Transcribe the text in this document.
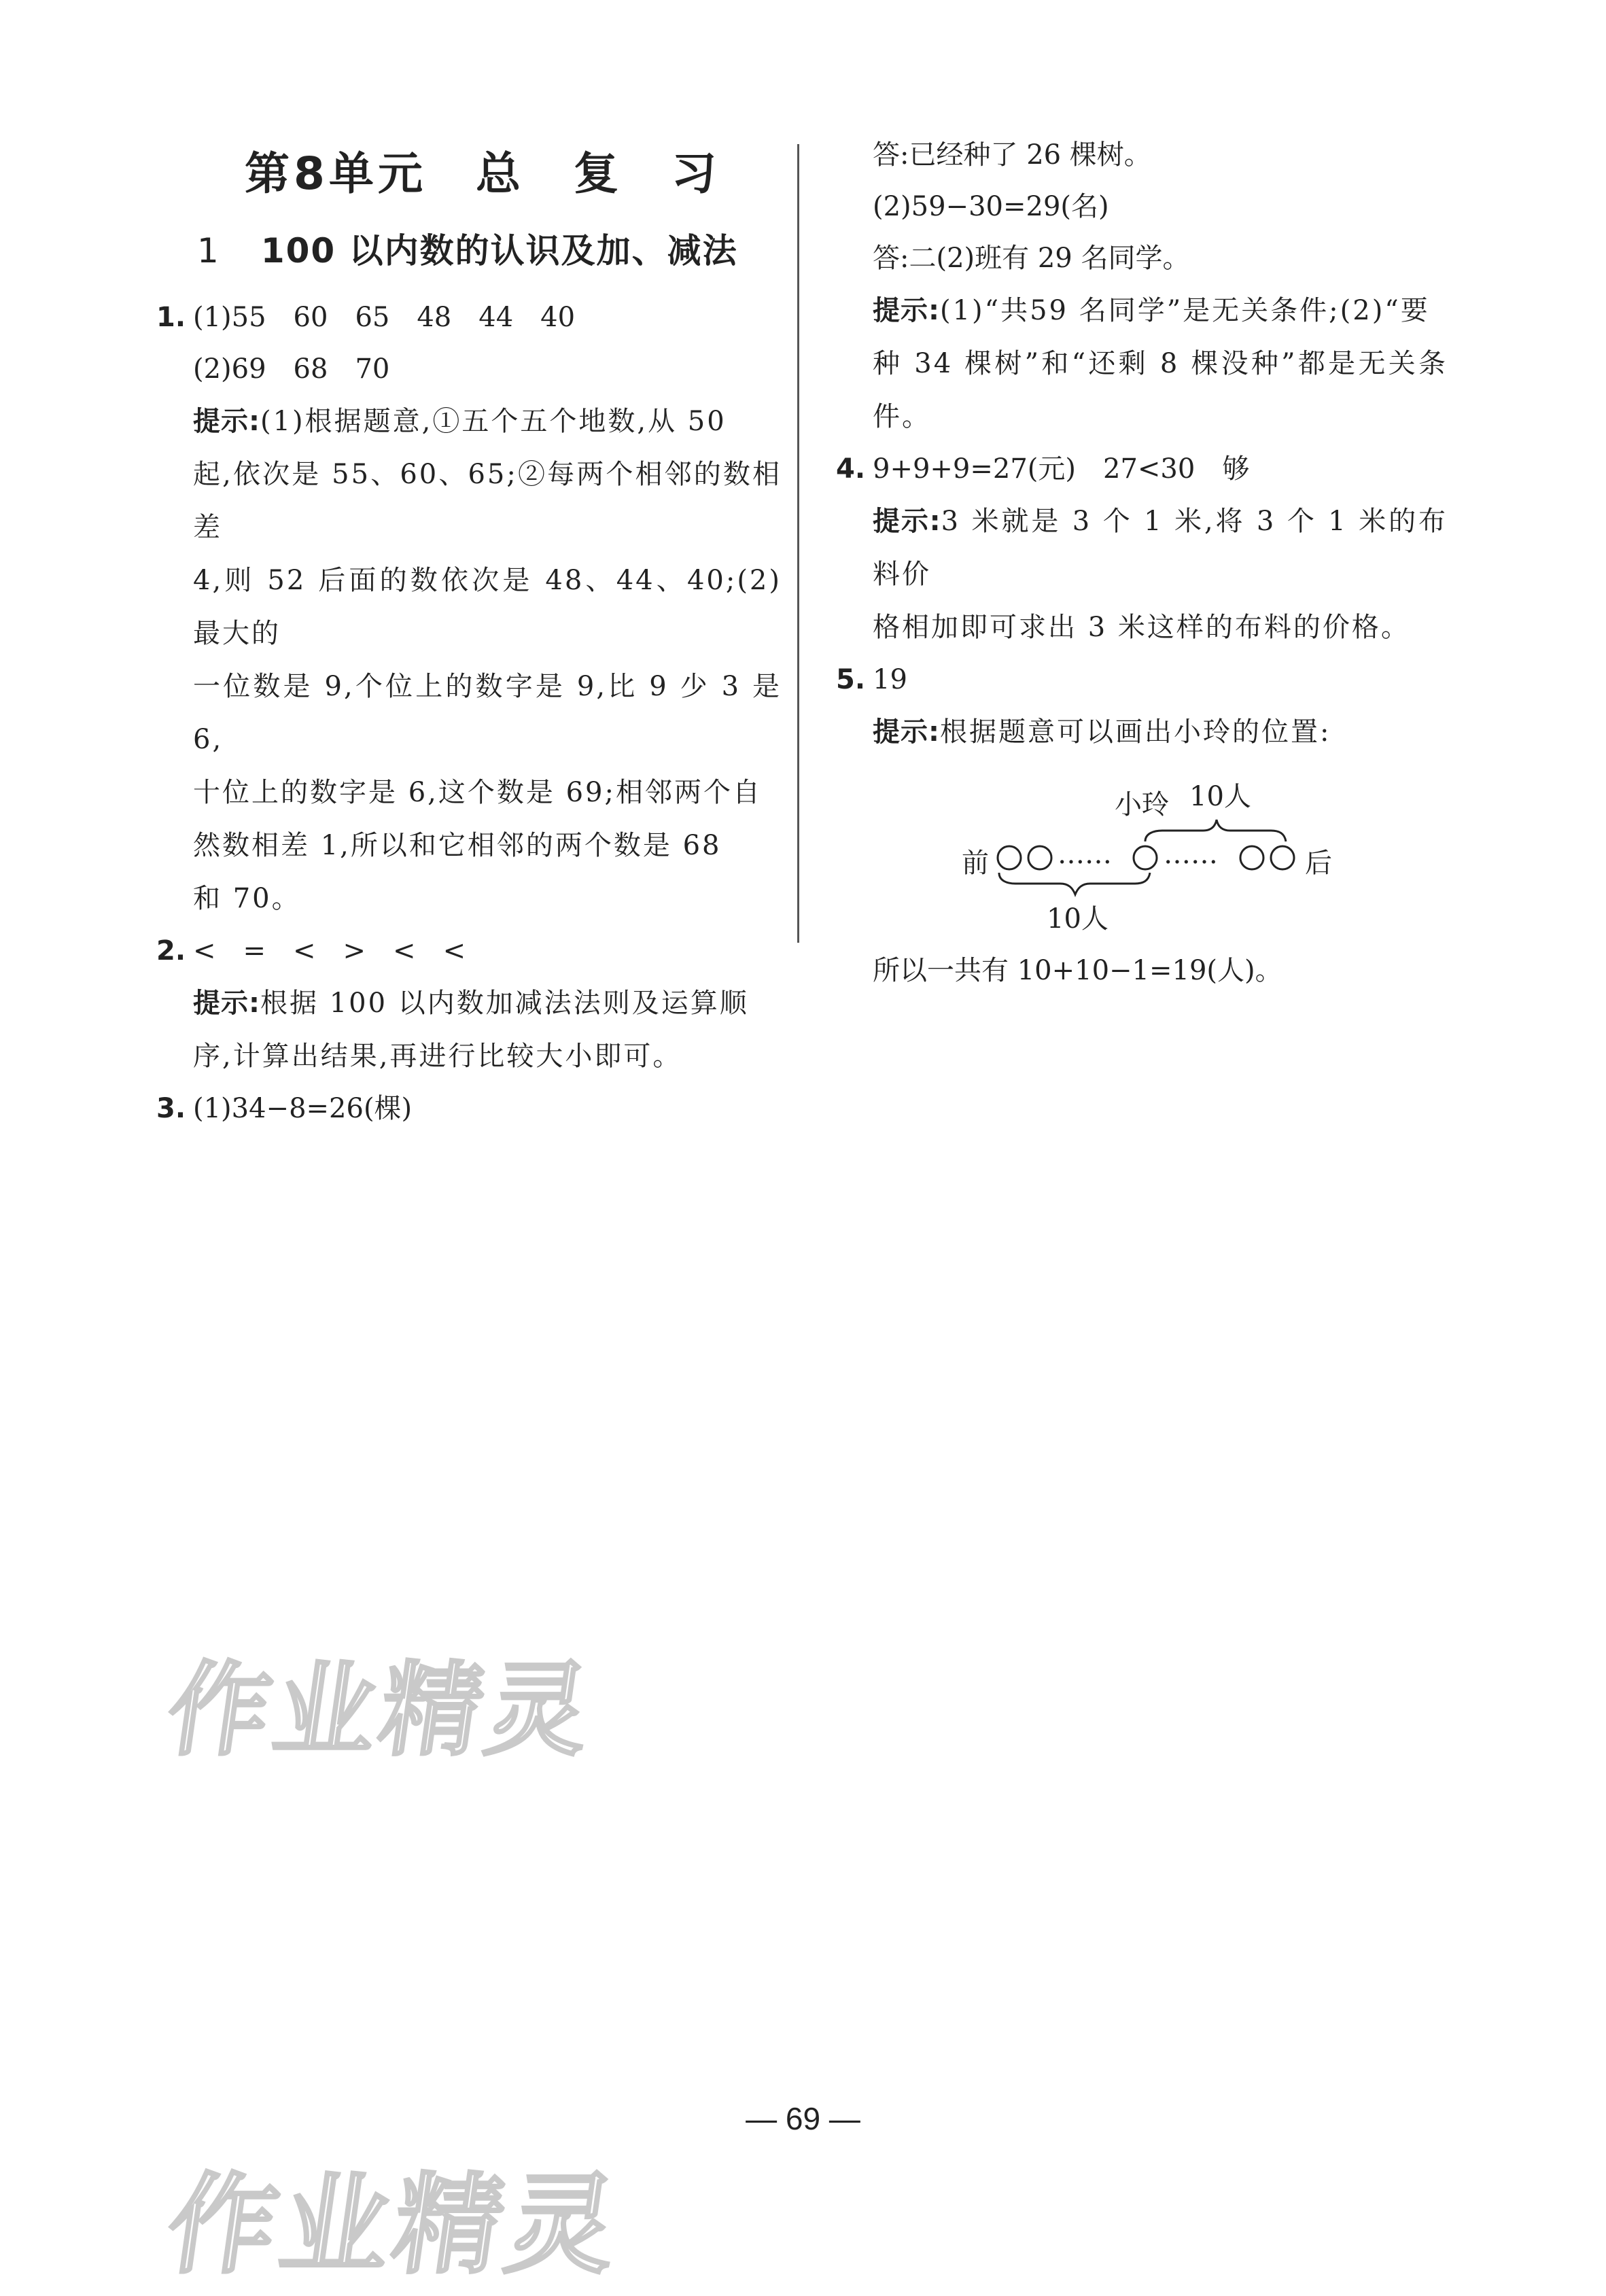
第8单元　总　复　习
1 100 以内数的认识及加、减法
1. (1)55　60　65　48　44　40
(2)69　68　70
提示:(1)根据题意,①五个五个地数,从 50
起,依次是 55、60、65;②每两个相邻的数相差
4,则 52 后面的数依次是 48、44、40;(2)最大的
一位数是 9,个位上的数字是 9,比 9 少 3 是 6,
十位上的数字是 6,这个数是 69;相邻两个自
然数相差 1,所以和它相邻的两个数是 68
和 70。
2. <　=　<　>　<　<
提示:根据 100 以内数加减法法则及运算顺
序,计算出结果,再进行比较大小即可。
3. (1)34−8=26(棵)
答:已经种了 26 棵树。
(2)59−30=29(名)
答:二(2)班有 29 名同学。
提示:(1)“共59 名同学”是无关条件;(2)“要
种 34 棵树”和“还剩 8 棵没种”都是无关条件。
4. 9+9+9=27(元)　27<30　够
提示:3 米就是 3 个 1 米,将 3 个 1 米的布料价
格相加即可求出 3 米这样的布料的价格。
5. 19
提示:根据题意可以画出小玲的位置:
前	…… ……	后
小玲 10人
10人
所以一共有 10+10−1=19(人)。
— 69 —
作业精灵
作业精灵
